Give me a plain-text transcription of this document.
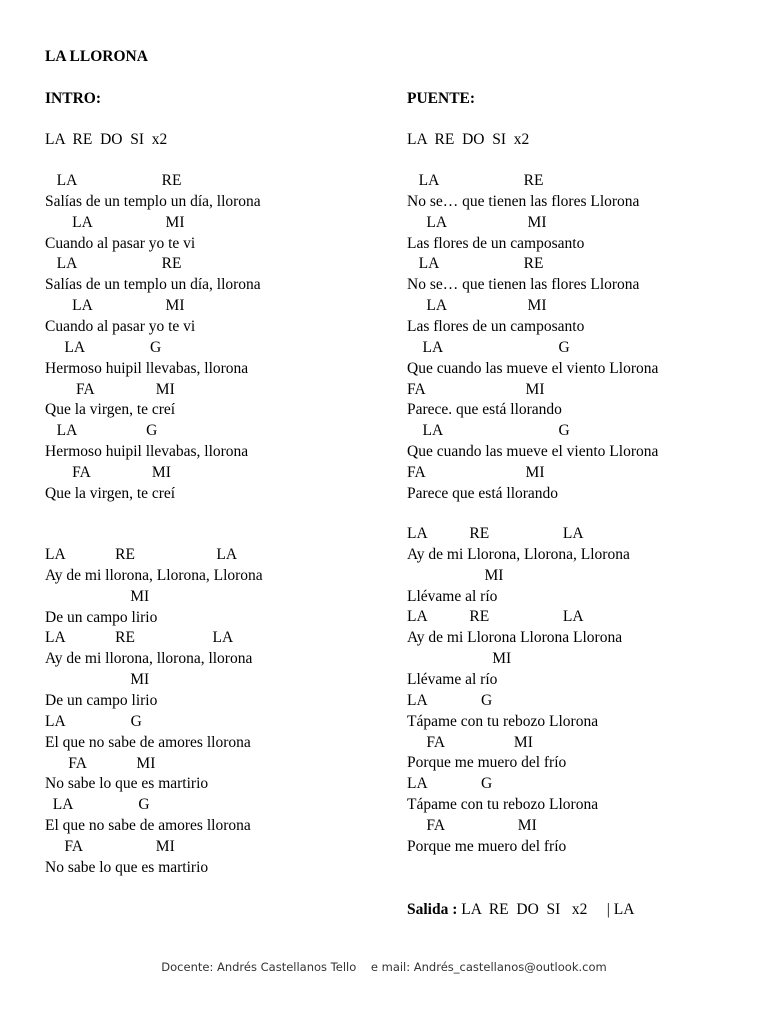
LA LLORONA
INTRO:
LA  RE  DO  SI  x2
LA                      RE
Salías de un templo un día, llorona
LA                   MI
Cuando al pasar yo te vi
LA                      RE
Salías de un templo un día, llorona
LA                   MI
Cuando al pasar yo te vi
LA                 G
Hermoso huipil llevabas, llorona
FA                MI
Que la virgen, te creí
LA                  G
Hermoso huipil llevabas, llorona
FA                MI
Que la virgen, te creí
LA             RE                     LA
Ay de mi llorona, Llorona, Llorona
MI
De un campo lirio
LA             RE                    LA
Ay de mi llorona, llorona, llorona
MI
De un campo lirio
LA                 G
El que no sabe de amores llorona
FA             MI
No sabe lo que es martirio
LA                 G
El que no sabe de amores llorona
FA                   MI
No sabe lo que es martirio
PUENTE:
LA  RE  DO  SI  x2
LA                      RE
No se… que tienen las flores Llorona
LA                     MI
Las flores de un camposanto
LA                      RE
No se… que tienen las flores Llorona
LA                     MI
Las flores de un camposanto
LA                              G
Que cuando las mueve el viento Llorona
FA                          MI
Parece. que está llorando
LA                              G
Que cuando las mueve el viento Llorona
FA                          MI
Parece que está llorando
LA           RE                   LA
Ay de mi Llorona, Llorona, Llorona
MI
Llévame al río
LA           RE                   LA
Ay de mi Llorona Llorona Llorona
MI
Llévame al río
LA              G
Tápame con tu rebozo Llorona
FA                  MI
Porque me muero del frío
LA              G
Tápame con tu rebozo Llorona
FA                   MI
Porque me muero del frío
Salida : LA  RE  DO  SI   x2     | LA
Docente: Andrés Castellanos Tello    e mail: Andrés_castellanos@outlook.com
